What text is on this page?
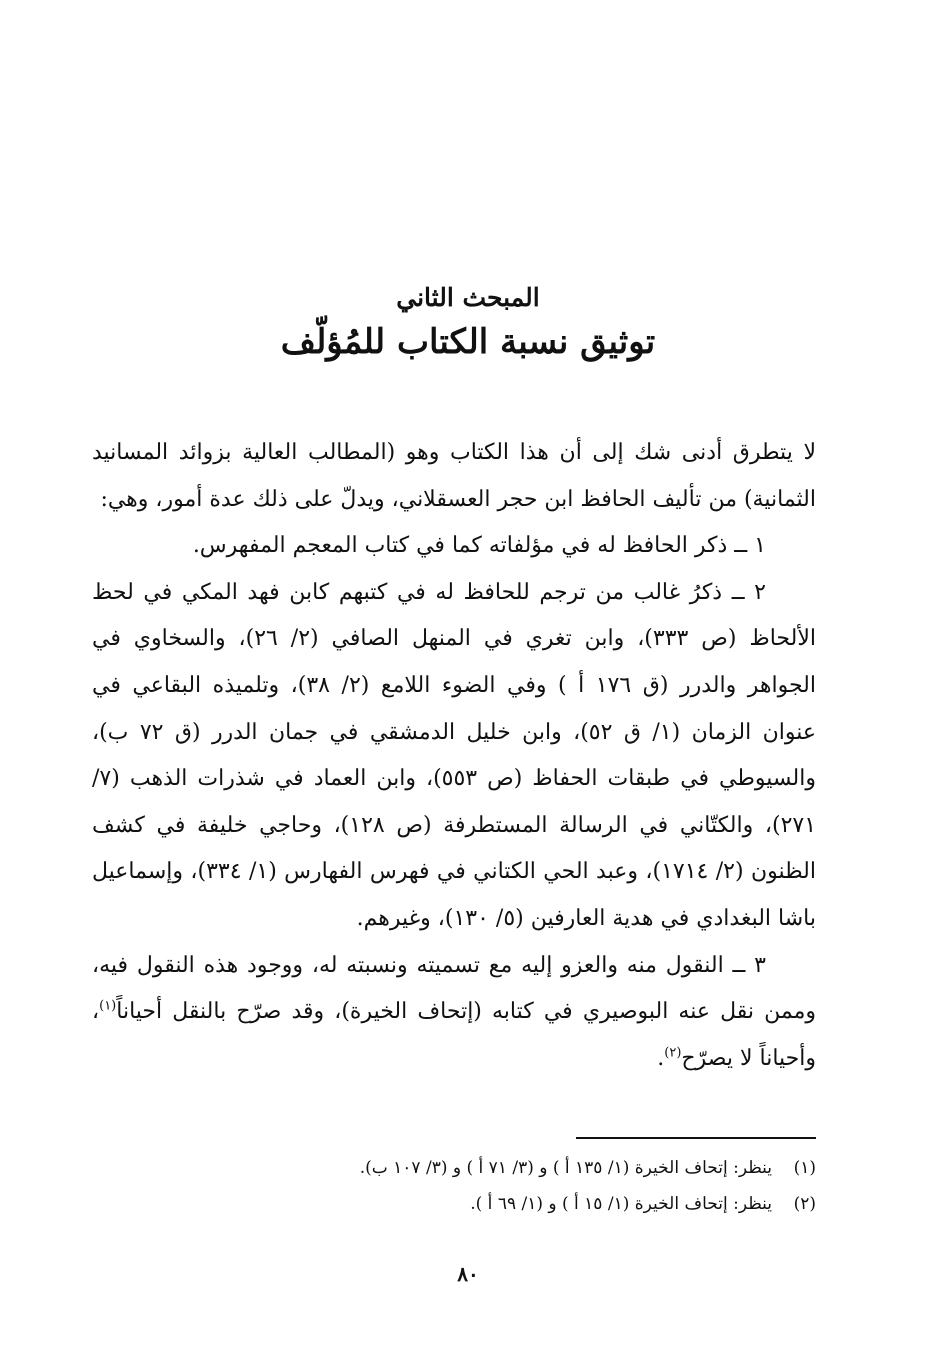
المبحث الثاني
توثيق نسبة الكتاب للمُؤلّف

لا يتطرق أدنى شك إلى أن هذا الكتاب وهو (المطالب العالية بزوائد المسانيد الثمانية) من تأليف الحافظ ابن حجر العسقلاني، ويدلّ على ذلك عدة أمور، وهي:

١ ــ ذكر الحافظ له في مؤلفاته كما في كتاب المعجم المفهرس.

٢ ــ ذكرُ غالب من ترجم للحافظ له في كتبهم كابن فهد المكي في لحظ الألحاظ (ص ٣٣٣)، وابن تغري في المنهل الصافي (٢/ ٢٦)، والسخاوي في الجواهر والدرر (ق ١٧٦ أ ) وفي الضوء اللامع (٢/ ٣٨)، وتلميذه البقاعي في عنوان الزمان (١/ ق ٥٢)، وابن خليل الدمشقي في جمان الدرر (ق ٧٢ ب)، والسيوطي في طبقات الحفاظ (ص ٥٥٣)، وابن العماد في شذرات الذهب (٧/ ٢٧١)، والكتّاني في الرسالة المستطرفة (ص ١٢٨)، وحاجي خليفة في كشف الظنون (٢/ ١٧١٤)، وعبد الحي الكتاني في فهرس الفهارس (١/ ٣٣٤)، وإسماعيل باشا البغدادي في هدية العارفين (٥/ ١٣٠)، وغيرهم.

٣ ــ النقول منه والعزو إليه مع تسميته ونسبته له، ووجود هذه النقول فيه، وممن نقل عنه البوصيري في كتابه (إتحاف الخيرة)، وقد صرّح بالنقل أحياناً$^{(١)}$، وأحياناً لا يصرّح$^{(٢)}$.

(١)
ينظر: إتحاف الخيرة (١/ ١٣٥ أ ) و (٣/ ٧١ أ ) و (٣/ ١٠٧ ب).
(٢)
ينظر: إتحاف الخيرة (١/ ١٥ أ ) و (١/ ٦٩ أ ).
٨٠
